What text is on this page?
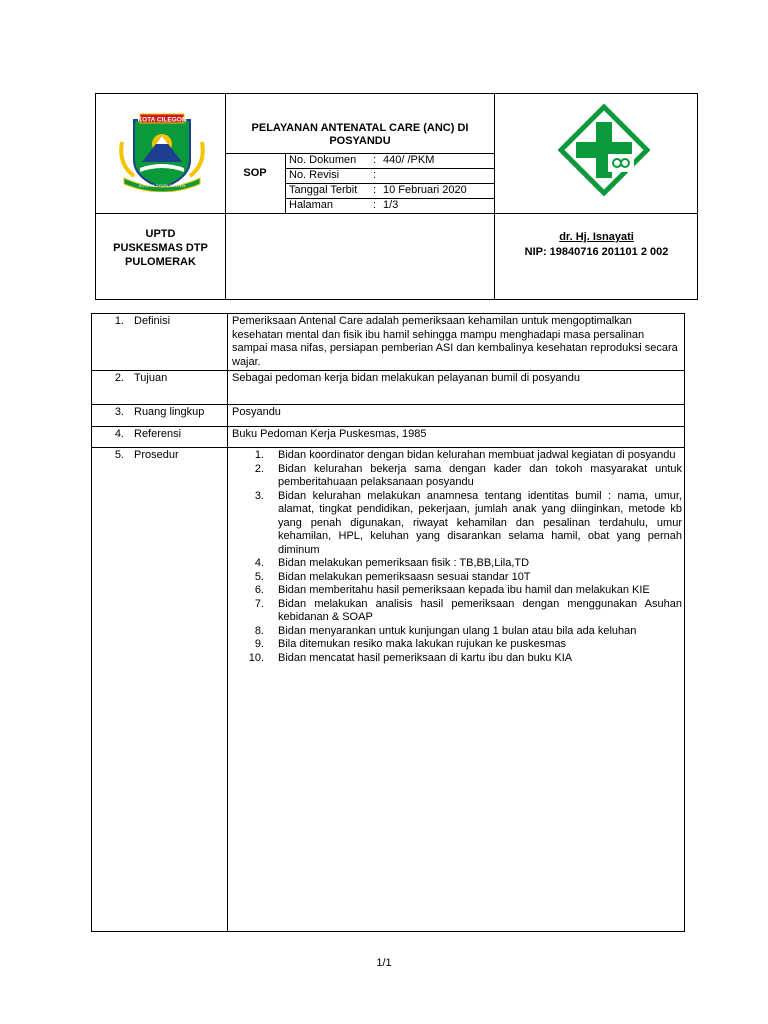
KOTA CILEGON
KOTA CILEGON BANTEN
PELAYANAN ANTENATAL CARE (ANC) DI
POSYANDU
SOP
No. Dokumen : 440/ /PKM
No. Revisi	:
Tanggal Terbit : 10 Februari 2020
Halaman	: 1/3
UPTD
PUSKESMAS DTP
PULOMERAK
dr. Hj. Isnayati
NIP: 19840716 201101 2 002
1. Definisi	Pemeriksaan Antenal Care adalah pemeriksaan kehamilan untuk mengoptimalkan kesehatan mental dan fisik ibu hamil sehingga mampu menghadapi masa persalinan sampai masa nifas, persiapan pemberian ASI dan kembalinya kesehatan reproduksi secara wajar.
2. Tujuan	Sebagai pedoman kerja bidan melakukan pelayanan bumil di posyandu
3. Ruang lingkup	Posyandu
4. Referensi	Buku Pedoman Kerja Puskesmas, 1985
5. Prosedur	1. Bidan koordinator dengan bidan kelurahan membuat jadwal kegiatan di posyandu
2. Bidan kelurahan bekerja sama dengan kader dan tokoh masyarakat untuk pemberitahuaan pelaksanaan posyandu
3. Bidan kelurahan melakukan anamnesa tentang identitas bumil : nama, umur, alamat, tingkat pendidikan, pekerjaan, jumlah anak yang diinginkan, metode kb yang penah digunakan, riwayat kehamilan dan pesalinan terdahulu, umur kehamilan, HPL, keluhan yang disarankan selama hamil, obat yang pernah diminum
4. Bidan melakukan pemeriksaan fisik : TB,BB,Lila,TD
5. Bidan melakukan pemeriksaasn sesuai standar 10T
6. Bidan memberitahu hasil pemeriksaan kepada ibu hamil dan melakukan KIE
7. Bidan melakukan analisis hasil pemeriksaan dengan menggunakan Asuhan kebidanan & SOAP
8. Bidan menyarankan untuk kunjungan ulang 1 bulan atau bila ada keluhan
9. Bila ditemukan resiko maka lakukan rujukan ke puskesmas
10. Bidan mencatat hasil pemeriksaan di kartu ibu dan buku KIA
1/1
